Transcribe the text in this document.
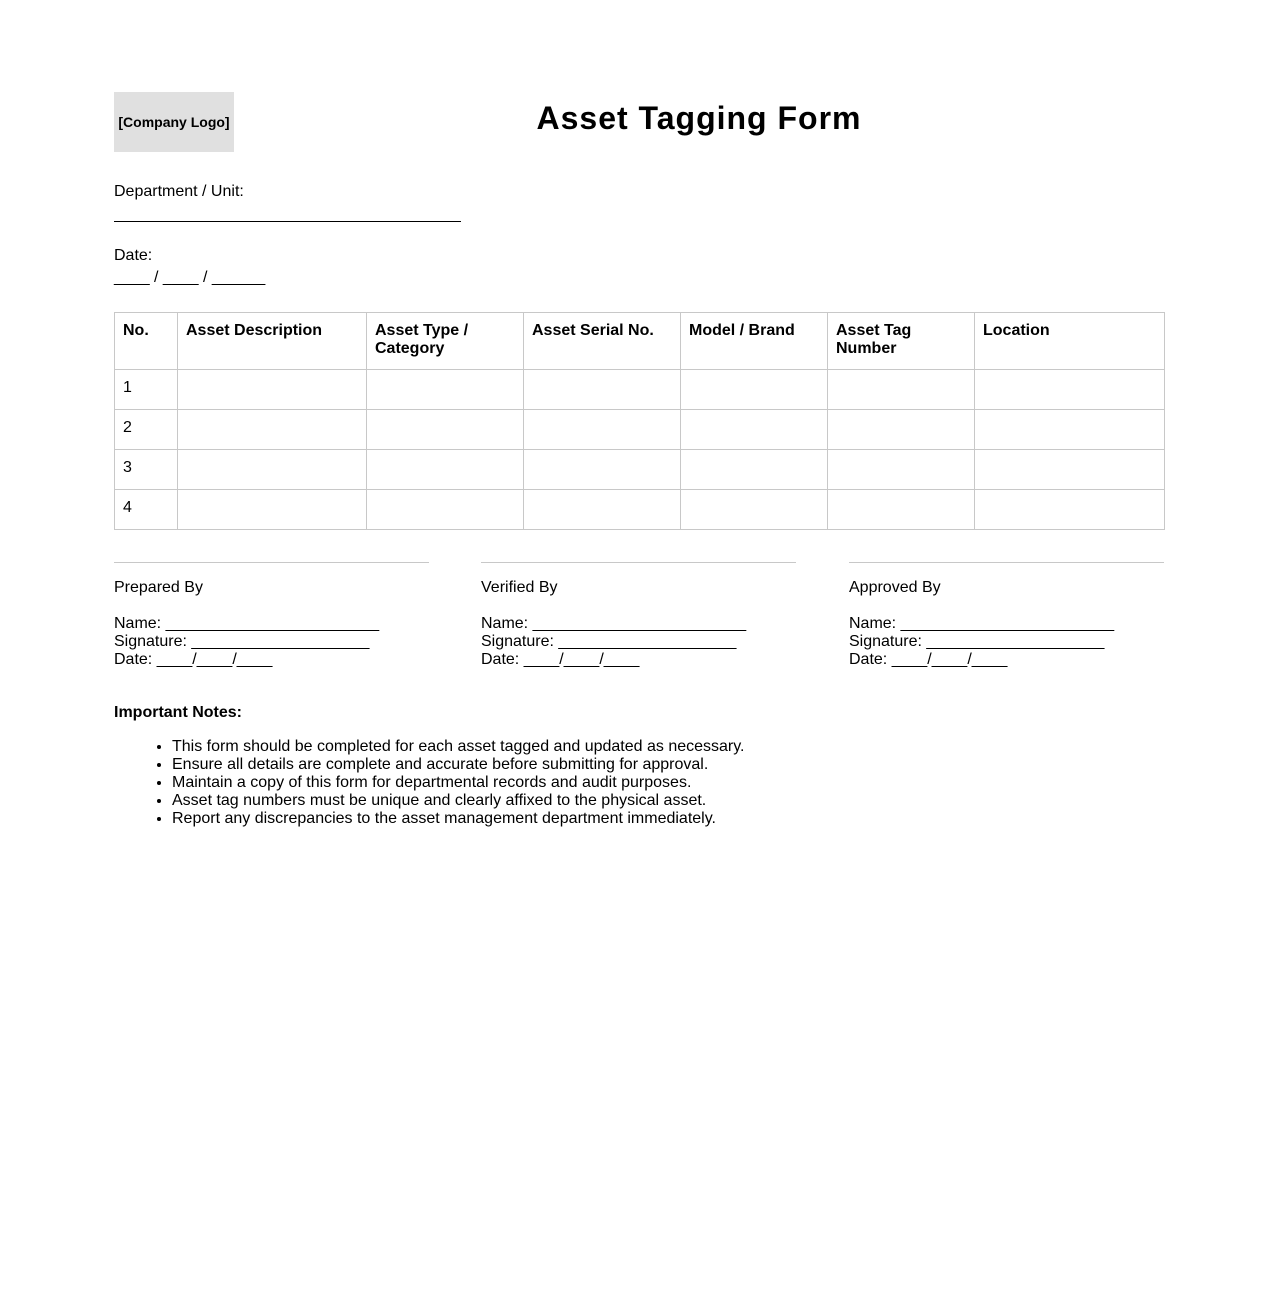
[Company Logo]	Asset Tagging Form
Department / Unit:
Date:
____ / ____ / ______
No.	Asset Description	Asset Type / Category	Asset Serial No.	Model / Brand	Asset Tag Number	Location
1						
2						
3						
4						
Prepared By
Name: ________________________
Signature: ____________________
Date: ____/____/____
Verified By
Name: ________________________
Signature: ____________________
Date: ____/____/____
Approved By
Name: ________________________
Signature: ____________________
Date: ____/____/____
Important Notes:
• This form should be completed for each asset tagged and updated as necessary.
• Ensure all details are complete and accurate before submitting for approval.
• Maintain a copy of this form for departmental records and audit purposes.
• Asset tag numbers must be unique and clearly affixed to the physical asset.
• Report any discrepancies to the asset management department immediately.
